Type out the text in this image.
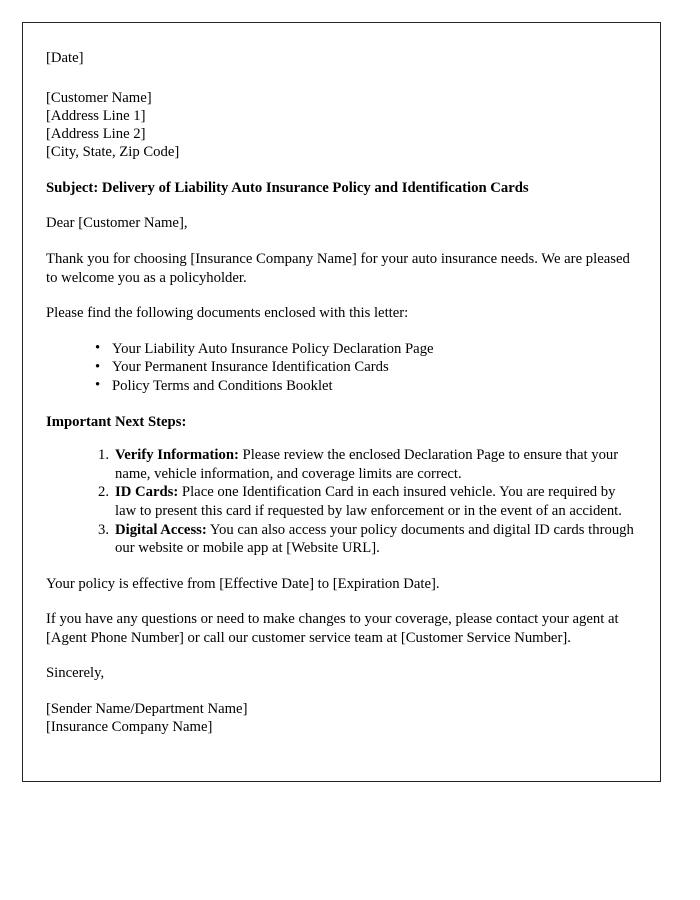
[Date]
[Customer Name]
[Address Line 1]
[Address Line 2]
[City, State, Zip Code]
Subject: Delivery of Liability Auto Insurance Policy and Identification Cards
Dear [Customer Name],

Thank you for choosing [Insurance Company Name] for your auto insurance needs. We are pleased to welcome you as a policyholder.

Please find the following documents enclosed with this letter:

• Your Liability Auto Insurance Policy Declaration Page
• Your Permanent Insurance Identification Cards
• Policy Terms and Conditions Booklet
Important Next Steps:
Verify Information: Please review the enclosed Declaration Page to ensure that your name, vehicle information, and coverage limits are correct.
ID Cards: Place one Identification Card in each insured vehicle. You are required by law to present this card if requested by law enforcement or in the event of an accident.
Digital Access: You can also access your policy documents and digital ID cards through our website or mobile app at [Website URL].

Your policy is effective from [Effective Date] to [Expiration Date].

If you have any questions or need to make changes to your coverage, please contact your agent at [Agent Phone Number] or call our customer service team at [Customer Service Number].

Sincerely,
[Sender Name/Department Name]
[Insurance Company Name]
